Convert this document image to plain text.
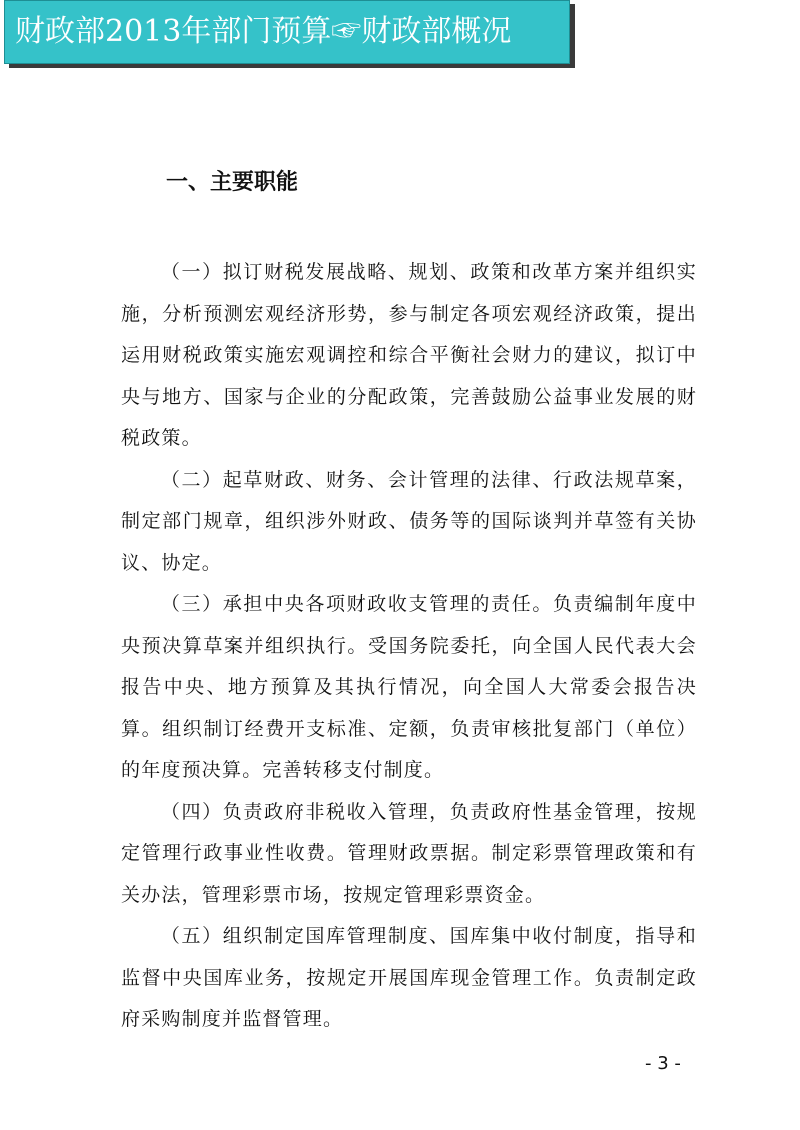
财政部2013年部门预算☞财政部概况
一、主要职能

（一）拟订财税发展战略、规划、政策和改革方案并组织实施，分析预测宏观经济形势，参与制定各项宏观经济政策，提出运用财税政策实施宏观调控和综合平衡社会财力的建议，拟订中央与地方、国家与企业的分配政策，完善鼓励公益事业发展的财税政策。

（二）起草财政、财务、会计管理的法律、行政法规草案，制定部门规章，组织涉外财政、债务等的国际谈判并草签有关协议、协定。

（三）承担中央各项财政收支管理的责任。负责编制年度中央预决算草案并组织执行。受国务院委托，向全国人民代表大会报告中央、地方预算及其执行情况，向全国人大常委会报告决算。组织制订经费开支标准、定额，负责审核批复部门（单位）的年度预决算。完善转移支付制度。

（四）负责政府非税收入管理，负责政府性基金管理，按规定管理行政事业性收费。管理财政票据。制定彩票管理政策和有关办法，管理彩票市场，按规定管理彩票资金。

（五）组织制定国库管理制度、国库集中收付制度，指导和监督中央国库业务，按规定开展国库现金管理工作。负责制定政府采购制度并监督管理。

- 3 -
